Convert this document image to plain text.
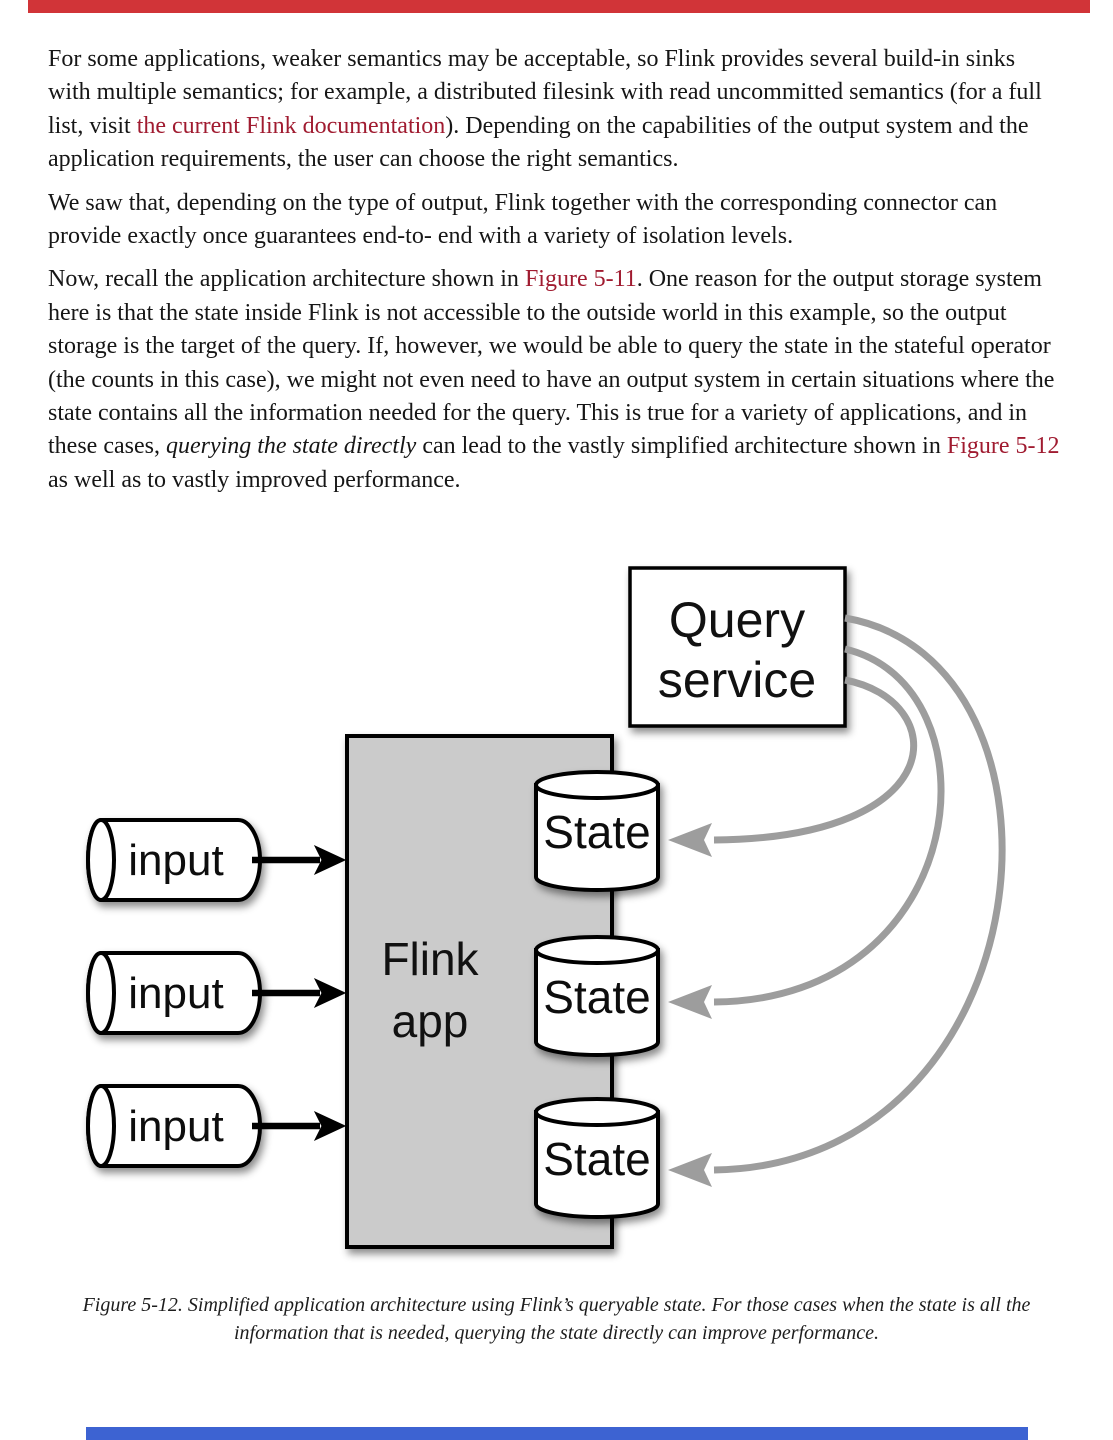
For some applications, weaker semantics may be acceptable, so Flink provides several build-in sinks with multiple semantics; for example, a distributed filesink with read uncommitted semantics (for a full list, visit the current Flink documentation). Depending on the capabilities of the output system and the application requirements, the user can choose the right semantics.

We saw that, depending on the type of output, Flink together with the corresponding connector can provide exactly once guarantees end-to- end with a variety of isolation levels.

Now, recall the application architecture shown in Figure 5-11. One reason for the output storage system here is that the state inside Flink is not accessible to the outside world in this example, so the output storage is the target of the query. If, however, we would be able to query the state in the stateful operator (the counts in this case), we might not even need to have an output system in certain situations where the state contains all the information needed for the query. This is true for a variety of applications, and in these cases, querying the state directly can lead to the vastly simplified architecture shown in Figure 5-12 as well as to vastly improved performance.

Flink
app
Query
service
input
input
input
State
State
State
Figure 5-12. Simplified application architecture using Flink’s queryable state. For those cases when the state is all the information that is needed, querying the state directly can improve performance.
